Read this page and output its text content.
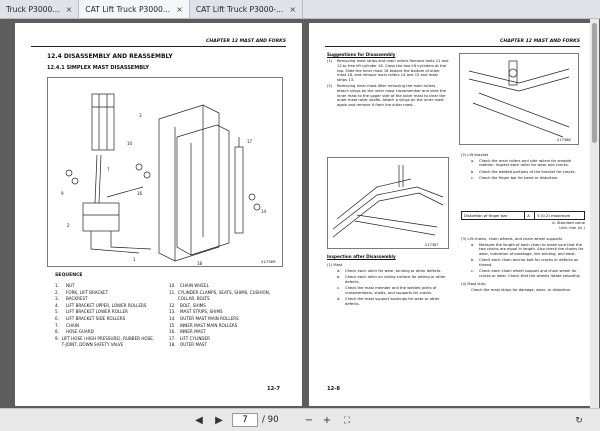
Truck P3000... × CAT Lift Truck P3000... × CAT Lift Truck P3000-... ×
CHAPTER 12 MAST AND FORKS
12.4 DISASSEMBLY AND REASSEMBLY
12.4.1 SIMPLEX MAST DISASSEMBLY
3
7
10
9
2
1
16
18
17
14
217389
SEQUENCE
1.	NUT
2.	FORK, LIFT BRACKET
3.	BACKREST
4.	LIFT BRACKET UPPER, LOWER ROLLERS
5.	LIFT BRACKET LOWER ROLLER
6.	LIFT BRACKET SIDE ROLLERS
7.	CHAIN
8.	HOSE GUARD
9. LIFT HOSE (HIGH PRESSURE), RUBBER HOSE, T-JOINT, DOWN SAFETY VALVE
10.	CHAIN WHEEL
11. CYLINDER CLAMPS, SEATS, SHIMS, CUSHION, COLLAR, BOLTS
12.	BOLT, SHIMS
13.	MAST STRIPS, SHIMS
14.	OUTER MAST MAIN ROLLERS
15.	INNER MAST MAIN ROLLERS
16.	INNER MAST
17.	LIFT CYLINDER
18.	OUTER MAST
12-7
CHAPTER 12 MAST AND FORKS
Suggestions for Disassembly
(1)	Removing mast strips and main rollers Remove bolts 11 and 12 to free lift cylinder 16. Cross the two lift cylinders at the top. Slide the inner mast 16 toward the bottom of outer mast 18, and remove main rollers 14 and 15 and mast strips 13.
(2)	Removing inner mast After removing the main rollers, attach slings on the inner mast crossmember and slide the inner mast to the upper side of the outer mast to clear the outer mast roller shafts. Attach a slings on the inner mast again and remove it from the outer mast.
217388
217387
Inspection after Disassembly
(1) Mast
a.	Check each roller for wear, binding or other defects.
b.	Check each roller on rolling surface for pitting or other defects.
c.	Check the mast member and the welded joints of crossmembers, shafts, and supports for cracks.
d.	Check the mast support bushings for wear or other defects.
(2) Lift bracket
a.	Check the main rollers and side rollers for smooth rotation. Inspect each roller for wear and cracks.
b.	Check the welded portions of the bracket for cracks.
c.	Check the finger bar for bend or distortion.
Distortion of finger bar	A	5 (0.2) maximum
A: Standard value
Unit: mm (in.)
(3) Lift chains, chain wheels, and chain wheel supports
a.	Measure the length of each chain to make sure that the two chains are equal in length. Also check the chains for wear, indication of breakage, link binding, and twist.
b.	Check each chain anchor bolt for cracks or defects on thread.
c.	Check each chain wheel support and chain wheel for cracks or wear. Check that the wheels rotate smoothly.
(4) Mast strip
Check the mast strips for damage, wear, or distortion.
12-8
◀	▶	7	/ 90	− +	⛶	↻
